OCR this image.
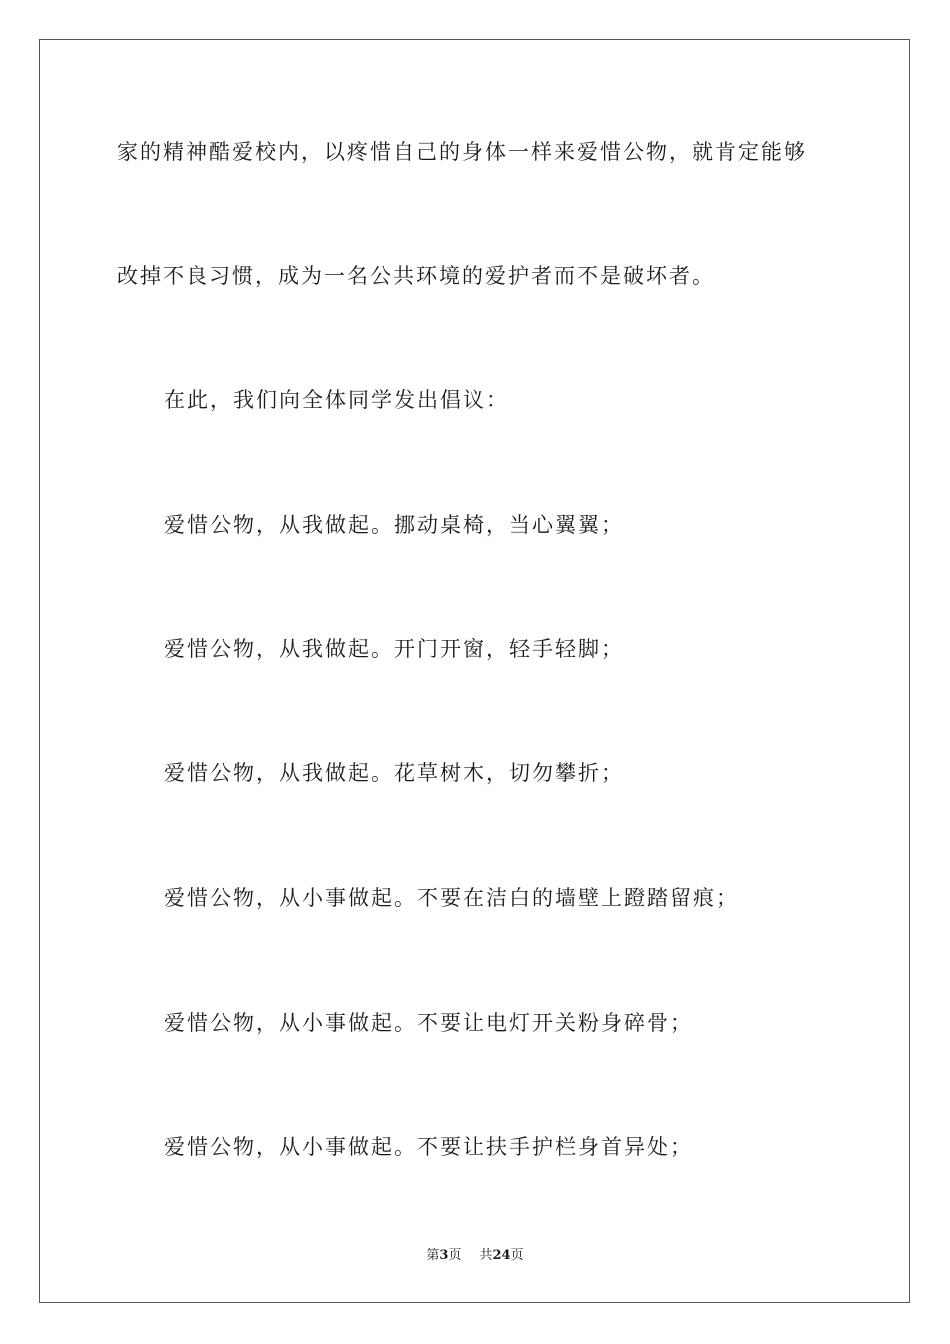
家的精神酷爱校内，以疼惜自己的身体一样来爱惜公物，就肯定能够
改掉不良习惯，成为一名公共环境的爱护者而不是破坏者。
在此，我们向全体同学发出倡议：
爱惜公物，从我做起。挪动桌椅，当心翼翼；
爱惜公物，从我做起。开门开窗，轻手轻脚；
爱惜公物，从我做起。花草树木，切勿攀折；
爱惜公物，从小事做起。不要在洁白的墙壁上蹬踏留痕；
爱惜公物，从小事做起。不要让电灯开关粉身碎骨；
爱惜公物，从小事做起。不要让扶手护栏身首异处；
第3页 共24页
